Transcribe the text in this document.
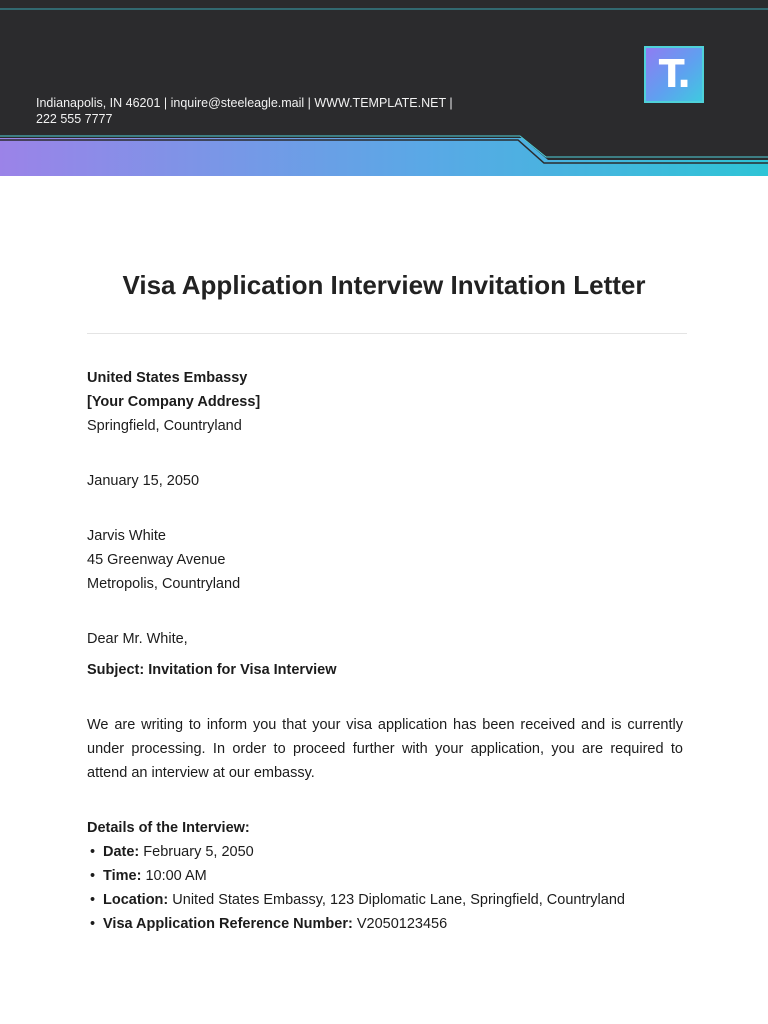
Indianapolis, IN 46201 | inquire@steeleagle.mail | WWW.TEMPLATE.NET |
222 555 7777
T.
Visa Application Interview Invitation Letter
United States Embassy
[Your Company Address]
Springfield, Countryland
January 15, 2050
Jarvis White
45 Greenway Avenue
Metropolis, Countryland
Dear Mr. White,
Subject: Invitation for Visa Interview

We are writing to inform you that your visa application has been received and is currently under processing. In order to proceed further with your application, you are required to attend an interview at our embassy.

Details of the Interview:
• Date: February 5, 2050
• Time: 10:00 AM
• Location: United States Embassy, 123 Diplomatic Lane, Springfield, Countryland
• Visa Application Reference Number: V2050123456
